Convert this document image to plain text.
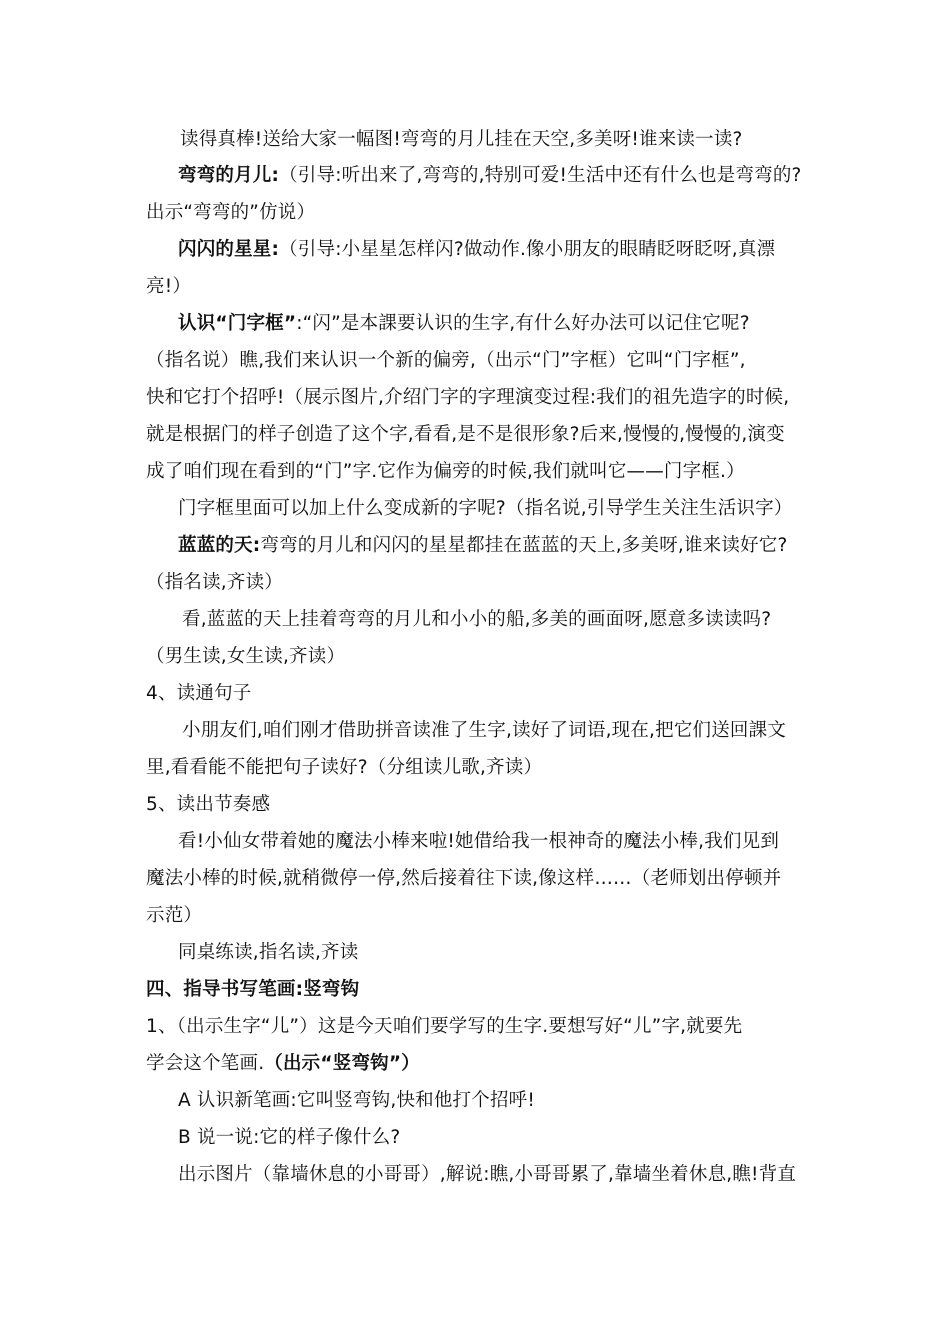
读得真棒!送给大家一幅图!弯弯的月儿挂在天空,多美呀!谁来读一读?
弯弯的月儿:（引导:听出来了,弯弯的,特别可爱!生活中还有什么也是弯弯的?
出示“弯弯的”仿说）
闪闪的星星:（引导:小星星怎样闪?做动作.像小朋友的眼睛眨呀眨呀,真漂
亮!）
认识“门字框”:“闪”是本課要认识的生字,有什么好办法可以记住它呢?
（指名说）瞧,我们来认识一个新的偏旁,（出示“门”字框）它叫“门字框”,
快和它打个招呼!（展示图片,介绍门字的字理演变过程:我们的祖先造字的时候,
就是根据门的样子创造了这个字,看看,是不是很形象?后来,慢慢的,慢慢的,演变
成了咱们现在看到的“门”字.它作为偏旁的时候,我们就叫它——门字框.）
门字框里面可以加上什么变成新的字呢?（指名说,引导学生关注生活识字）
蓝蓝的天:弯弯的月儿和闪闪的星星都挂在蓝蓝的天上,多美呀,谁来读好它?
（指名读,齐读）
看,蓝蓝的天上挂着弯弯的月儿和小小的船,多美的画面呀,愿意多读读吗?
（男生读,女生读,齐读）
4、读通句子
小朋友们,咱们刚才借助拼音读准了生字,读好了词语,现在,把它们送回課文
里,看看能不能把句子读好?（分组读儿歌,齐读）
5、读出节奏感
看!小仙女带着她的魔法小棒来啦!她借给我一根神奇的魔法小棒,我们见到
魔法小棒的时候,就稍微停一停,然后接着往下读,像这样……（老师划出停顿并
示范）
同桌练读,指名读,齐读
四、指导书写笔画:竖弯钩
1、（出示生字“儿”）这是今天咱们要学写的生字.要想写好“儿”字,就要先
学会这个笔画.（出示“竖弯钩”）
A 认识新笔画:它叫竖弯钩,快和他打个招呼!
B 说一说:它的样子像什么?
出示图片（靠墙休息的小哥哥）,解说:瞧,小哥哥累了,靠墙坐着休息,瞧!背直
